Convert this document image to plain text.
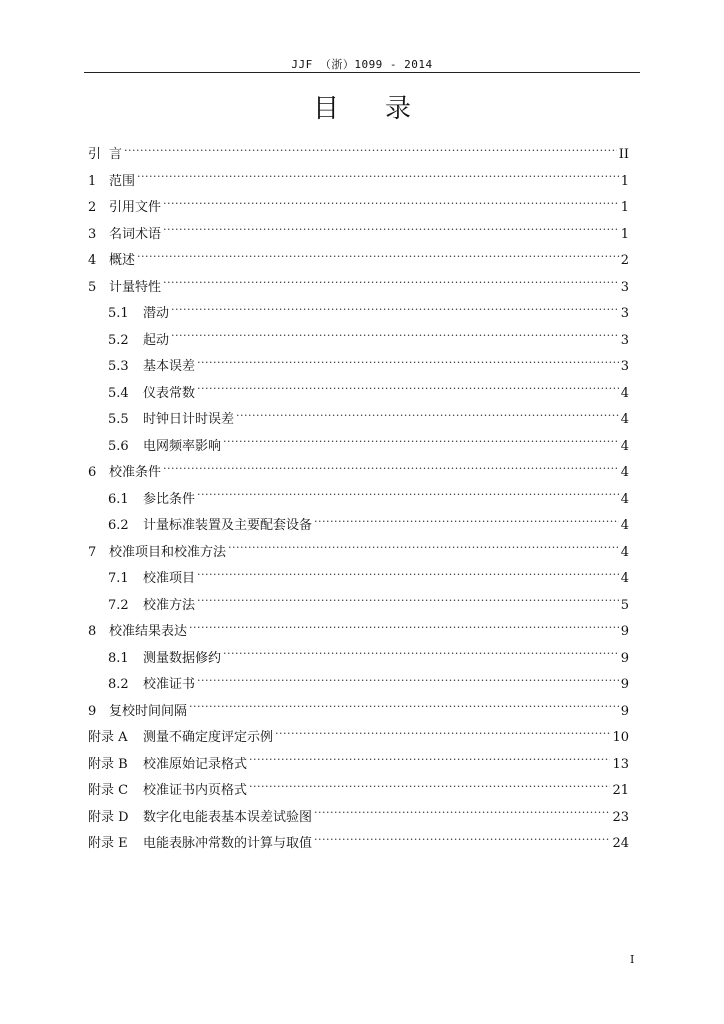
JJF （浙）1099 - 2014
目 录
引 言 .....	II
1 范围 .....	1
2 引用文件 .....	1
3 名词术语 .....	1
4 概述 .....	2
5 计量特性 .....	3
5.1	潜动 .....	3
5.2	起动 .....	3
5.3	基本误差 .....	3
5.4	仪表常数 .....	4
5.5	时钟日计时误差 .....	4
5.6	电网频率影响 .....	4
6 校准条件 .....	4
6.1	参比条件 .....	4
6.2	计量标准装置及主要配套设备 .....	4
7 校准项目和校准方法 .....	4
7.1	校准项目 .....	4
7.2	校准方法 .....	5
8 校准结果表达 .....	9
8.1	测量数据修约 .....	9
8.2	校准证书 .....	9
9 复校时间间隔 .....	9
附录 A	测量不确定度评定示例 .....	10
附录 B	校准原始记录格式 .....	13
附录 C	校准证书内页格式 .....	21
附录 D	数字化电能表基本误差试验图 .....	23
附录 E	电能表脉冲常数的计算与取值 .....	24
I
